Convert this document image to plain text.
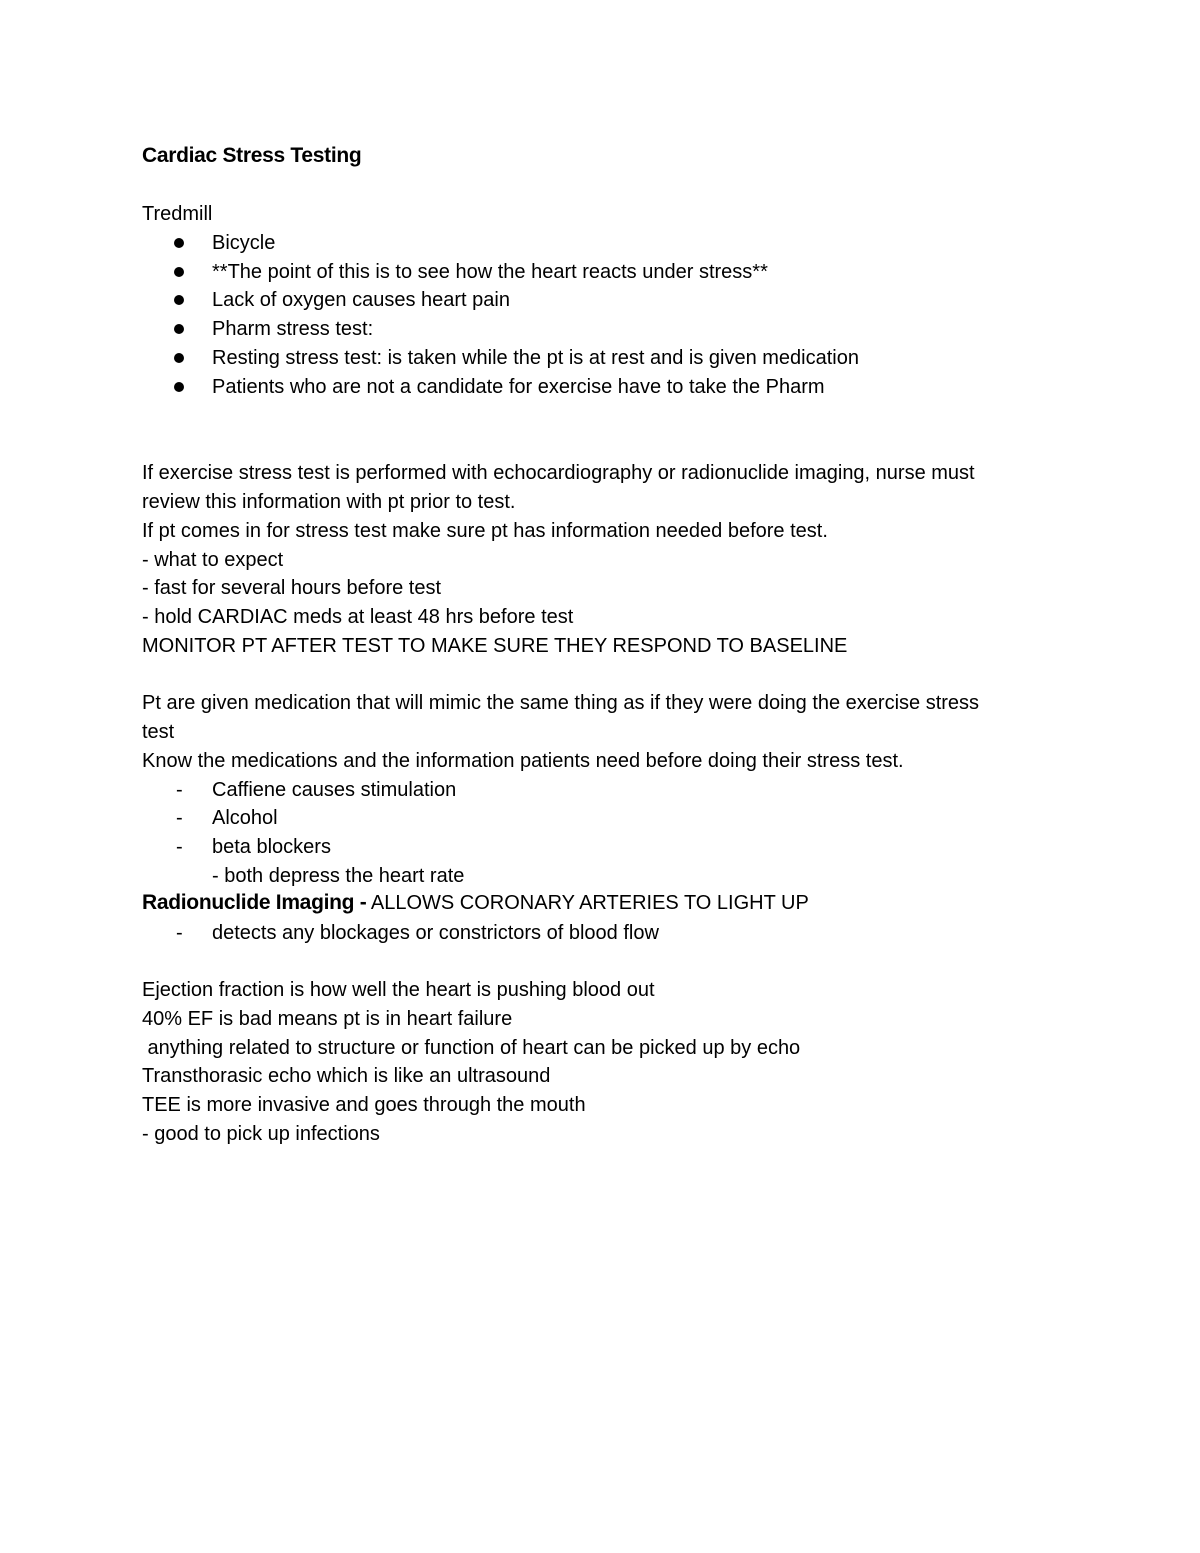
Cardiac Stress Testing
Tredmill
Bicycle
**The point of this is to see how the heart reacts under stress**
Lack of oxygen causes heart pain
Pharm stress test:
Resting stress test: is taken while the pt is at rest and is given medication
Patients who are not a candidate for exercise have to take the Pharm
If exercise stress test is performed with echocardiography or radionuclide imaging, nurse must
review this information with pt prior to test.
If pt comes in for stress test make sure pt has information needed before test.
- what to expect
- fast for several hours before test
- hold CARDIAC meds at least 48 hrs before test
MONITOR PT AFTER TEST TO MAKE SURE THEY RESPOND TO BASELINE
Pt are given medication that will mimic the same thing as if they were doing the exercise stress
test
Know the medications and the information patients need before doing their stress test.
- Caffiene causes stimulation
- Alcohol
- beta blockers
- both depress the heart rate
Radionuclide Imaging - ALLOWS CORONARY ARTERIES TO LIGHT UP
- detects any blockages or constrictors of blood flow
Ejection fraction is how well the heart is pushing blood out
40% EF is bad means pt is in heart failure
anything related to structure or function of heart can be picked up by echo
Transthorasic echo which is like an ultrasound
TEE is more invasive and goes through the mouth
- good to pick up infections
